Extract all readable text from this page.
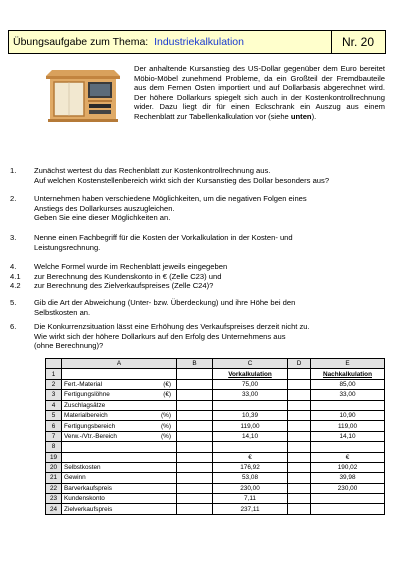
Übungsaufgabe zum Thema: Industriekalkulation	Nr. 20
Der anhaltende Kursanstieg des US-Dollar gegenüber dem Euro bereitet Möbio-Möbel zunehmend Probleme, da ein Großteil der Fremdbauteile aus dem Fernen Osten importiert und auf Dollarbasis abgerechnet wird. Der höhere Dollarkurs spiegelt sich auch in der Kostenkontrollrechnung wider. Dazu liegt dir für einen Eckschrank ein Auszug aus einem Rechenblatt zur Tabellenkalkulation vor (siehe unten).
1. Zunächst wertest du das Rechenblatt zur Kostenkontrollrechnung aus.
Auf welchen Kostenstellenbereich wirkt sich der Kursanstieg des Dollar besonders aus?
2. Unternehmen haben verschiedene Möglichkeiten, um die negativen Folgen eines
Anstiegs des Dollarkurses auszugleichen.
Geben Sie eine dieser Möglichkeiten an.
3. Nenne einen Fachbegriff für die Kosten der Vorkalkulation in der Kosten- und
Leistungsrechnung.
4. Welche Formel wurde im Rechenblatt jeweils eingegeben
4.1 zur Berechnung des Kundenskonto in € (Zelle C23) und
4.2 zur Berechnung des Zielverkaufspreises (Zelle C24)?
5. Gib die Art der Abweichung (Unter- bzw. Überdeckung) und ihre Höhe bei den
Selbstkosten an.
6. Die Konkurrenzsituation lässt eine Erhöhung des Verkaufspreises derzeit nicht zu.
Wie wirkt sich der höhere Dollarkurs auf den Erfolg des Unternehmens aus
(ohne Berechnung)?
	A	B	C	D	E
1			Vorkalkulation		Nachkalkulation
2	Fert.-Material (€)		75,00		85,00
3	Fertigungslöhne (€)		33,00		33,00
4	Zuschlagsätze				
5	Materialbereich (%)		10,39		10,90
6	Fertigungsbereich (%)		119,00		119,00
7	Verw.-/Vtr.-Bereich (%)		14,10		14,10
8					
19			€		€
20	Selbstkosten		176,92		190,02
21	Gewinn		53,08		39,98
22	Barverkaufspreis		230,00		230,00
23	Kundenskonto		7,11		
24	Zielverkaufspreis		237,11		
